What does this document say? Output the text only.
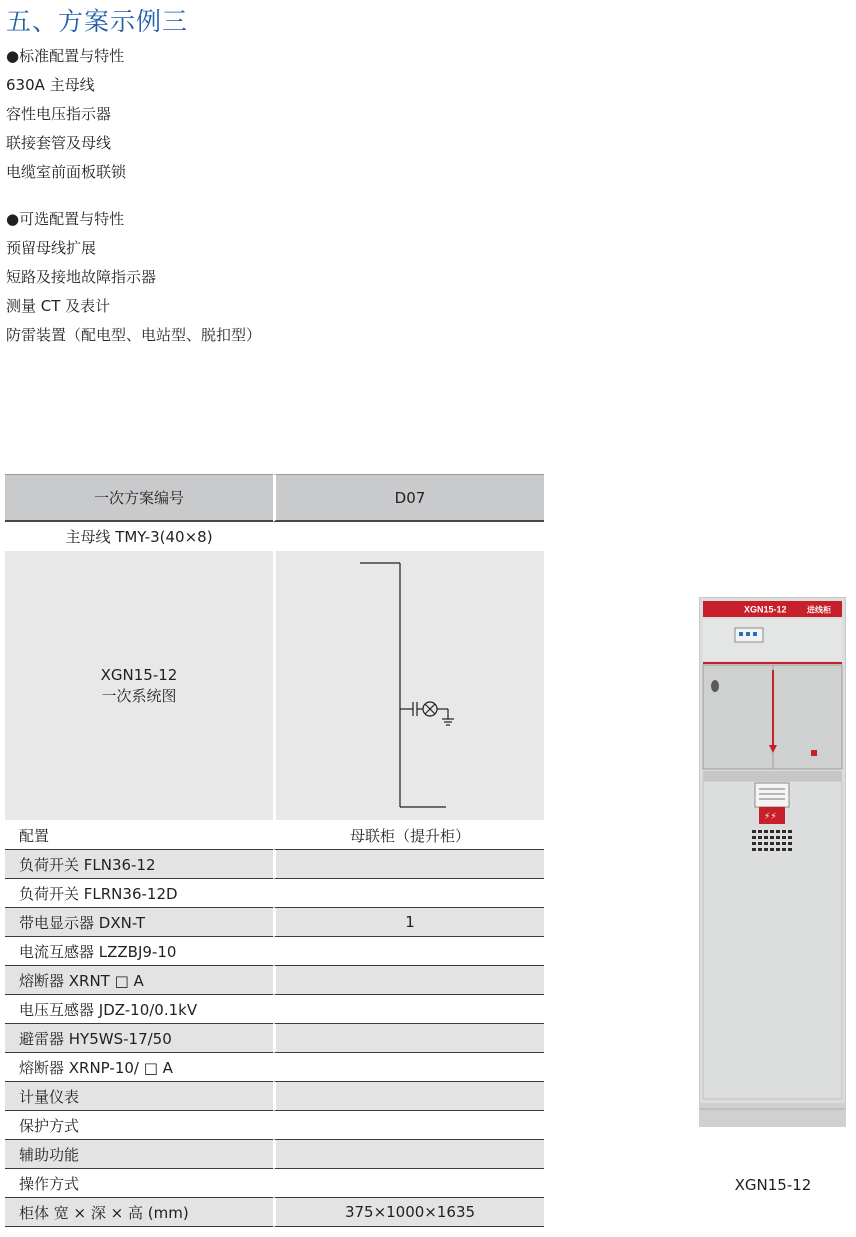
五、方案示例三
●标准配置与特性
630A 主母线
容性电压指示器
联接套管及母线
电缆室前面板联锁
●可选配置与特性
预留母线扩展
短路及接地故障指示器
测量 CT 及表计
防雷装置（配电型、电站型、脱扣型）
一次方案编号	D07
主母线 TMY-3(40×8)	

XGN15-12
一次系统图

配置	母联柜（提升柜）
负荷开关 FLN36-12	
负荷开关 FLRN36-12D	
带电显示器 DXN-T	1
电流互感器 LZZBJ9-10	
熔断器 XRNT □ A	
电压互感器 JDZ-10/0.1kV	
避雷器 HY5WS-17/50	
熔断器 XRNP-10/ □ A	
计量仪表	
保护方式	
辅助功能	
操作方式	
柜体 宽 × 深 × 高 (mm)	375×1000×1635
XGN15-12	进线柜
⚡⚡
XGN15-12
